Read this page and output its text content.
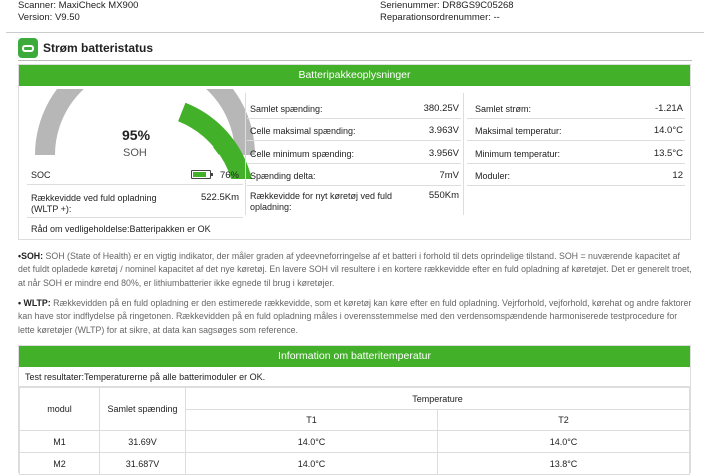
Scanner: MaxiCheck MX900
Version: V9.50
Serienummer: DR8GS9C05268
Reparationsordrenummer: --
Strøm batteristatus
Batteripakkeoplysninger
95%
SOH
SOC	76%
Rækkevidde ved fuld opladning (WLTP +):
522.5Km
Råd om vedligeholdelse:Batteripakken er OK
Samlet spænding:	380.25V
Celle maksimal spænding:	3.963V
Celle minimum spænding:	3.956V
Spænding delta:	7mV
Rækkevidde for nyt køretøj ved fuld opladning:
550Km
Samlet strøm:	-1.21A
Maksimal temperatur:	14.0°C
Minimum temperatur:	13.5°C
Moduler:	12
•SOH: SOH (State of Health) er en vigtig indikator, der måler graden af ydeevneforringelse af et batteri i forhold til dets oprindelige tilstand. SOH = nuværende kapacitet af det fuldt opladede køretøj / nominel kapacitet af det nye køretøj. En lavere SOH vil resultere i en kortere rækkevidde efter en fuld opladning af køretøjet. Det er generelt troet, at når SOH er mindre end 80%, er lithiumbatterier ikke egnede til brug i køretøjer.
• WLTP: Rækkevidden på en fuld opladning er den estimerede rækkevidde, som et køretøj kan køre efter en fuld opladning. Vejrforhold, vejforhold, kørehat og andre faktorer kan have stor indflydelse på ringetonen. Rækkevidden på en fuld opladning måles i overensstemmelse med den verdensomspændende harmoniserede testprocedure for lette køretøjer (WLTP) for at sikre, at data kan sagsøges som reference.
Information om batteritemperatur
Test resultater:Temperaturerne på alle batterimoduler er OK.
modul	Samlet spænding	Temperature	
		T1	T2
M1	31.69V	14.0°C	14.0°C
M2	31.687V	14.0°C	13.8°C
